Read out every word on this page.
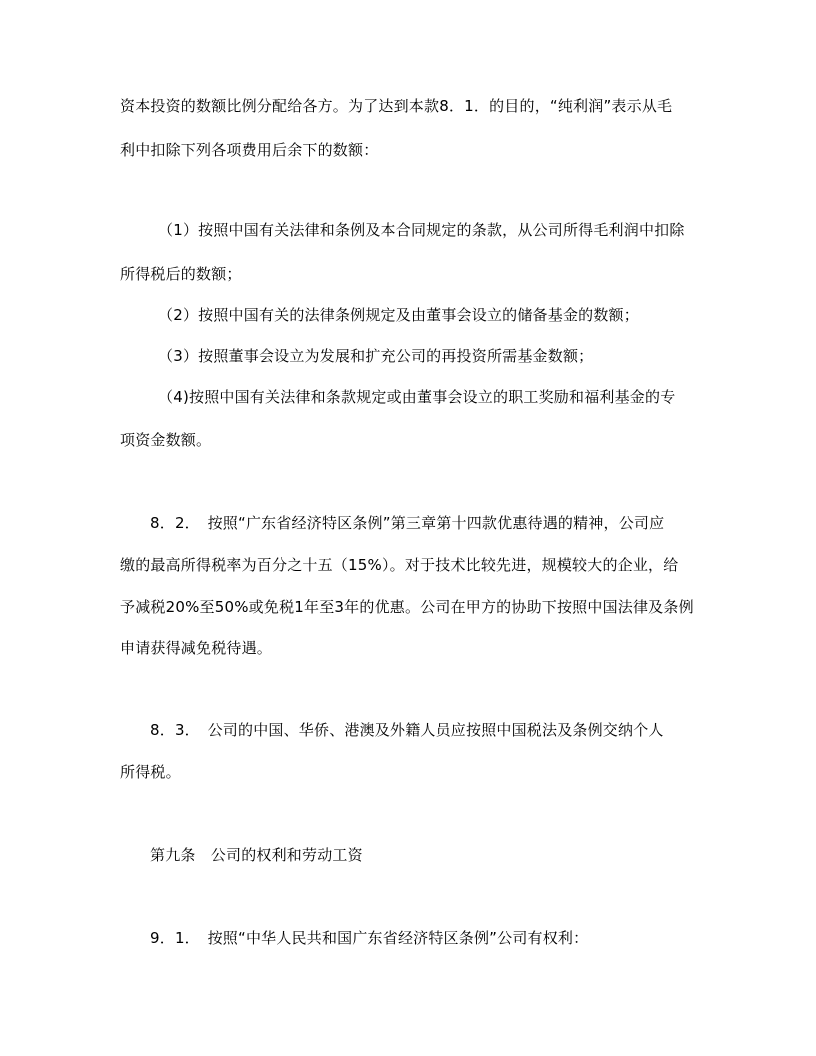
资本投资的数额比例分配给各方。为了达到本款8．1．的目的，“纯利润”表示从毛
利中扣除下列各项费用后余下的数额：
（1）按照中国有关法律和条例及本合同规定的条款，从公司所得毛利润中扣除
所得税后的数额；
（2）按照中国有关的法律条例规定及由董事会设立的储备基金的数额；
（3）按照董事会设立为发展和扩充公司的再投资所需基金数额；
（4)按照中国有关法律和条款规定或由董事会设立的职工奖励和福利基金的专
项资金数额。
8．2．　按照“广东省经济特区条例”第三章第十四款优惠待遇的精神，公司应
缴的最高所得税率为百分之十五（15%）。对于技术比较先进，规模较大的企业，给
予减税20%至50%或免税1年至3年的优惠。公司在甲方的协助下按照中国法律及条例
申请获得减免税待遇。
8．3．　公司的中国、华侨、港澳及外籍人员应按照中国税法及条例交纳个人
所得税。
第九条　公司的权利和劳动工资
9．1．　按照“中华人民共和国广东省经济特区条例”公司有权利：
